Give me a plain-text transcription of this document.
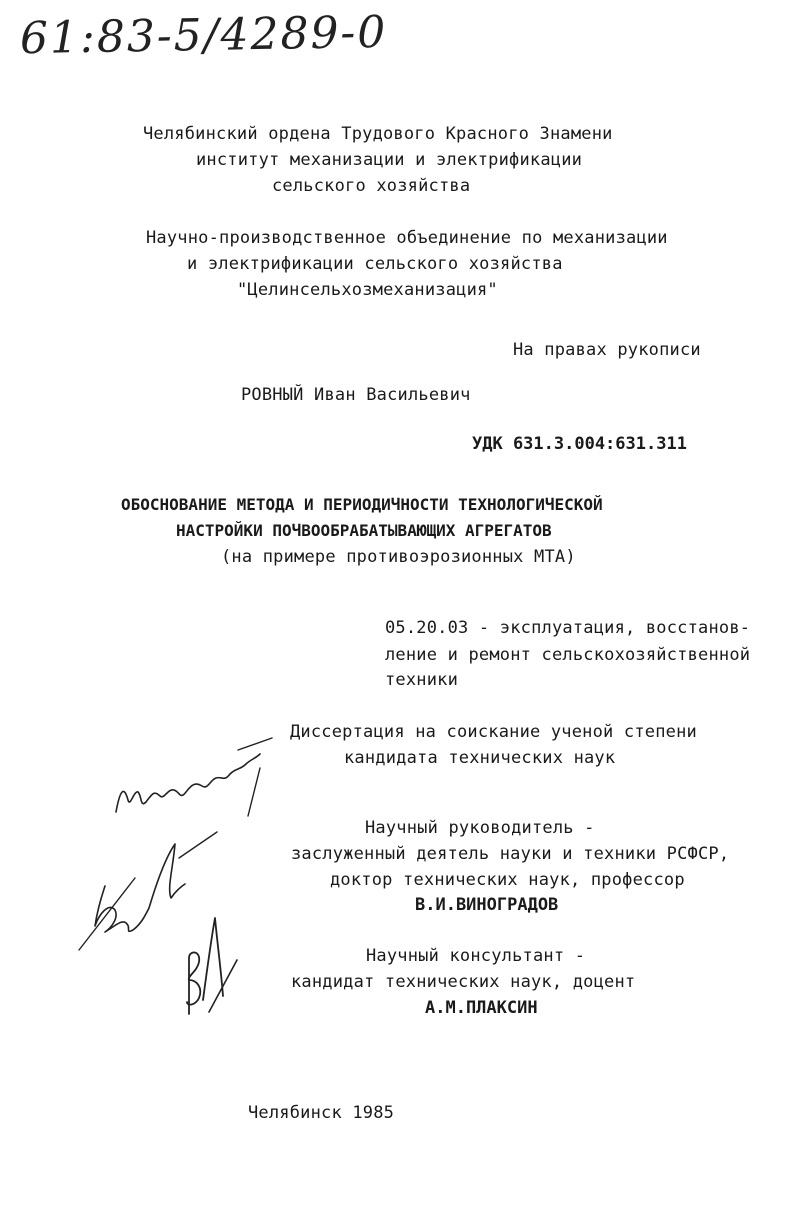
61:83-5/4289-0
Челябинский ордена Трудового Красного Знамени
институт механизации и электрификации
сельского хозяйства
Научно-производственное объединение по механизации
и электрификации сельского хозяйства
"Целинсельхозмеханизация"
На правах рукописи
РОВНЫЙ Иван Васильевич
УДК 631.3.004:631.311
ОБОСНОВАНИЕ МЕТОДА И ПЕРИОДИЧНОСТИ ТЕХНОЛОГИЧЕСКОЙ
НАСТРОЙКИ ПОЧВООБРАБАТЫВАЮЩИХ АГРЕГАТОВ
(на примере противоэрозионных МТА)
05.20.03 - эксплуатация, восстанов-
ление и ремонт сельскохозяйственной
техники
Диссертация на соискание ученой степени
кандидата технических наук
Научный руководитель -
заслуженный деятель науки и техники РСФСР,
доктор технических наук, профессор
В.И.ВИНОГРАДОВ
Научный консультант -
кандидат технических наук, доцент
А.М.ПЛАКСИН
Челябинск 1985
